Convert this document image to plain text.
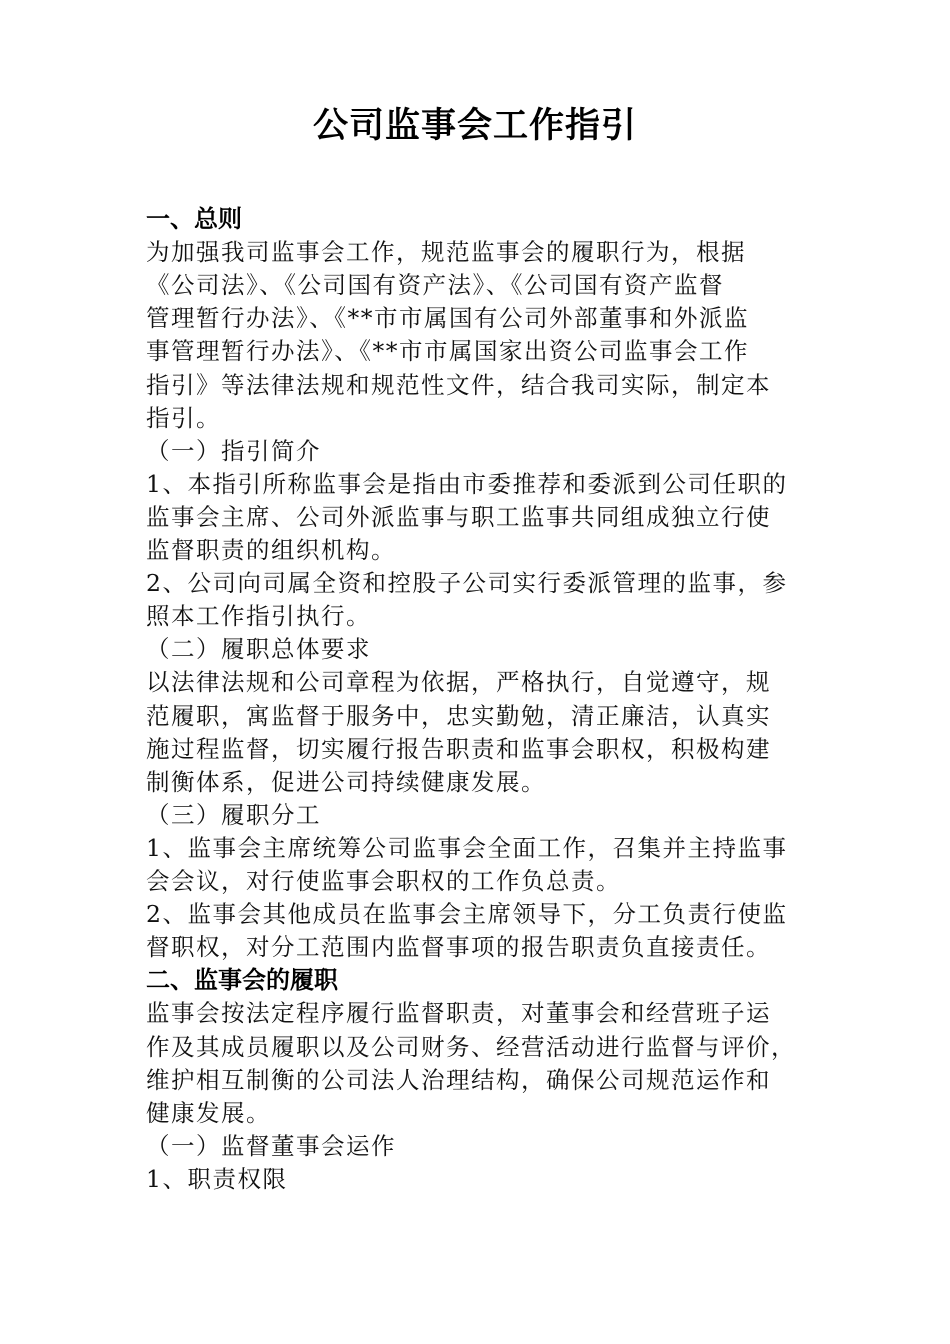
公司监事会工作指引
一、总则
为加强我司监事会工作，规范监事会的履职行为，根据
《公司法》、《公司国有资产法》、《公司国有资产监督
管理暂行办法》、《**市市属国有公司外部董事和外派监
事管理暂行办法》、《**市市属国家出资公司监事会工作
指引》等法律法规和规范性文件，结合我司实际，制定本
指引。
（一）指引简介
1、本指引所称监事会是指由市委推荐和委派到公司任职的
监事会主席、公司外派监事与职工监事共同组成独立行使
监督职责的组织机构。
2、公司向司属全资和控股子公司实行委派管理的监事，参
照本工作指引执行。
（二）履职总体要求
以法律法规和公司章程为依据，严格执行，自觉遵守，规
范履职，寓监督于服务中，忠实勤勉，清正廉洁，认真实
施过程监督，切实履行报告职责和监事会职权，积极构建
制衡体系，促进公司持续健康发展。
（三）履职分工
1、监事会主席统筹公司监事会全面工作，召集并主持监事
会会议，对行使监事会职权的工作负总责。
2、监事会其他成员在监事会主席领导下，分工负责行使监
督职权，对分工范围内监督事项的报告职责负直接责任。
二、监事会的履职
监事会按法定程序履行监督职责，对董事会和经营班子运
作及其成员履职以及公司财务、经营活动进行监督与评价，
维护相互制衡的公司法人治理结构，确保公司规范运作和
健康发展。
（一）监督董事会运作
1、职责权限
